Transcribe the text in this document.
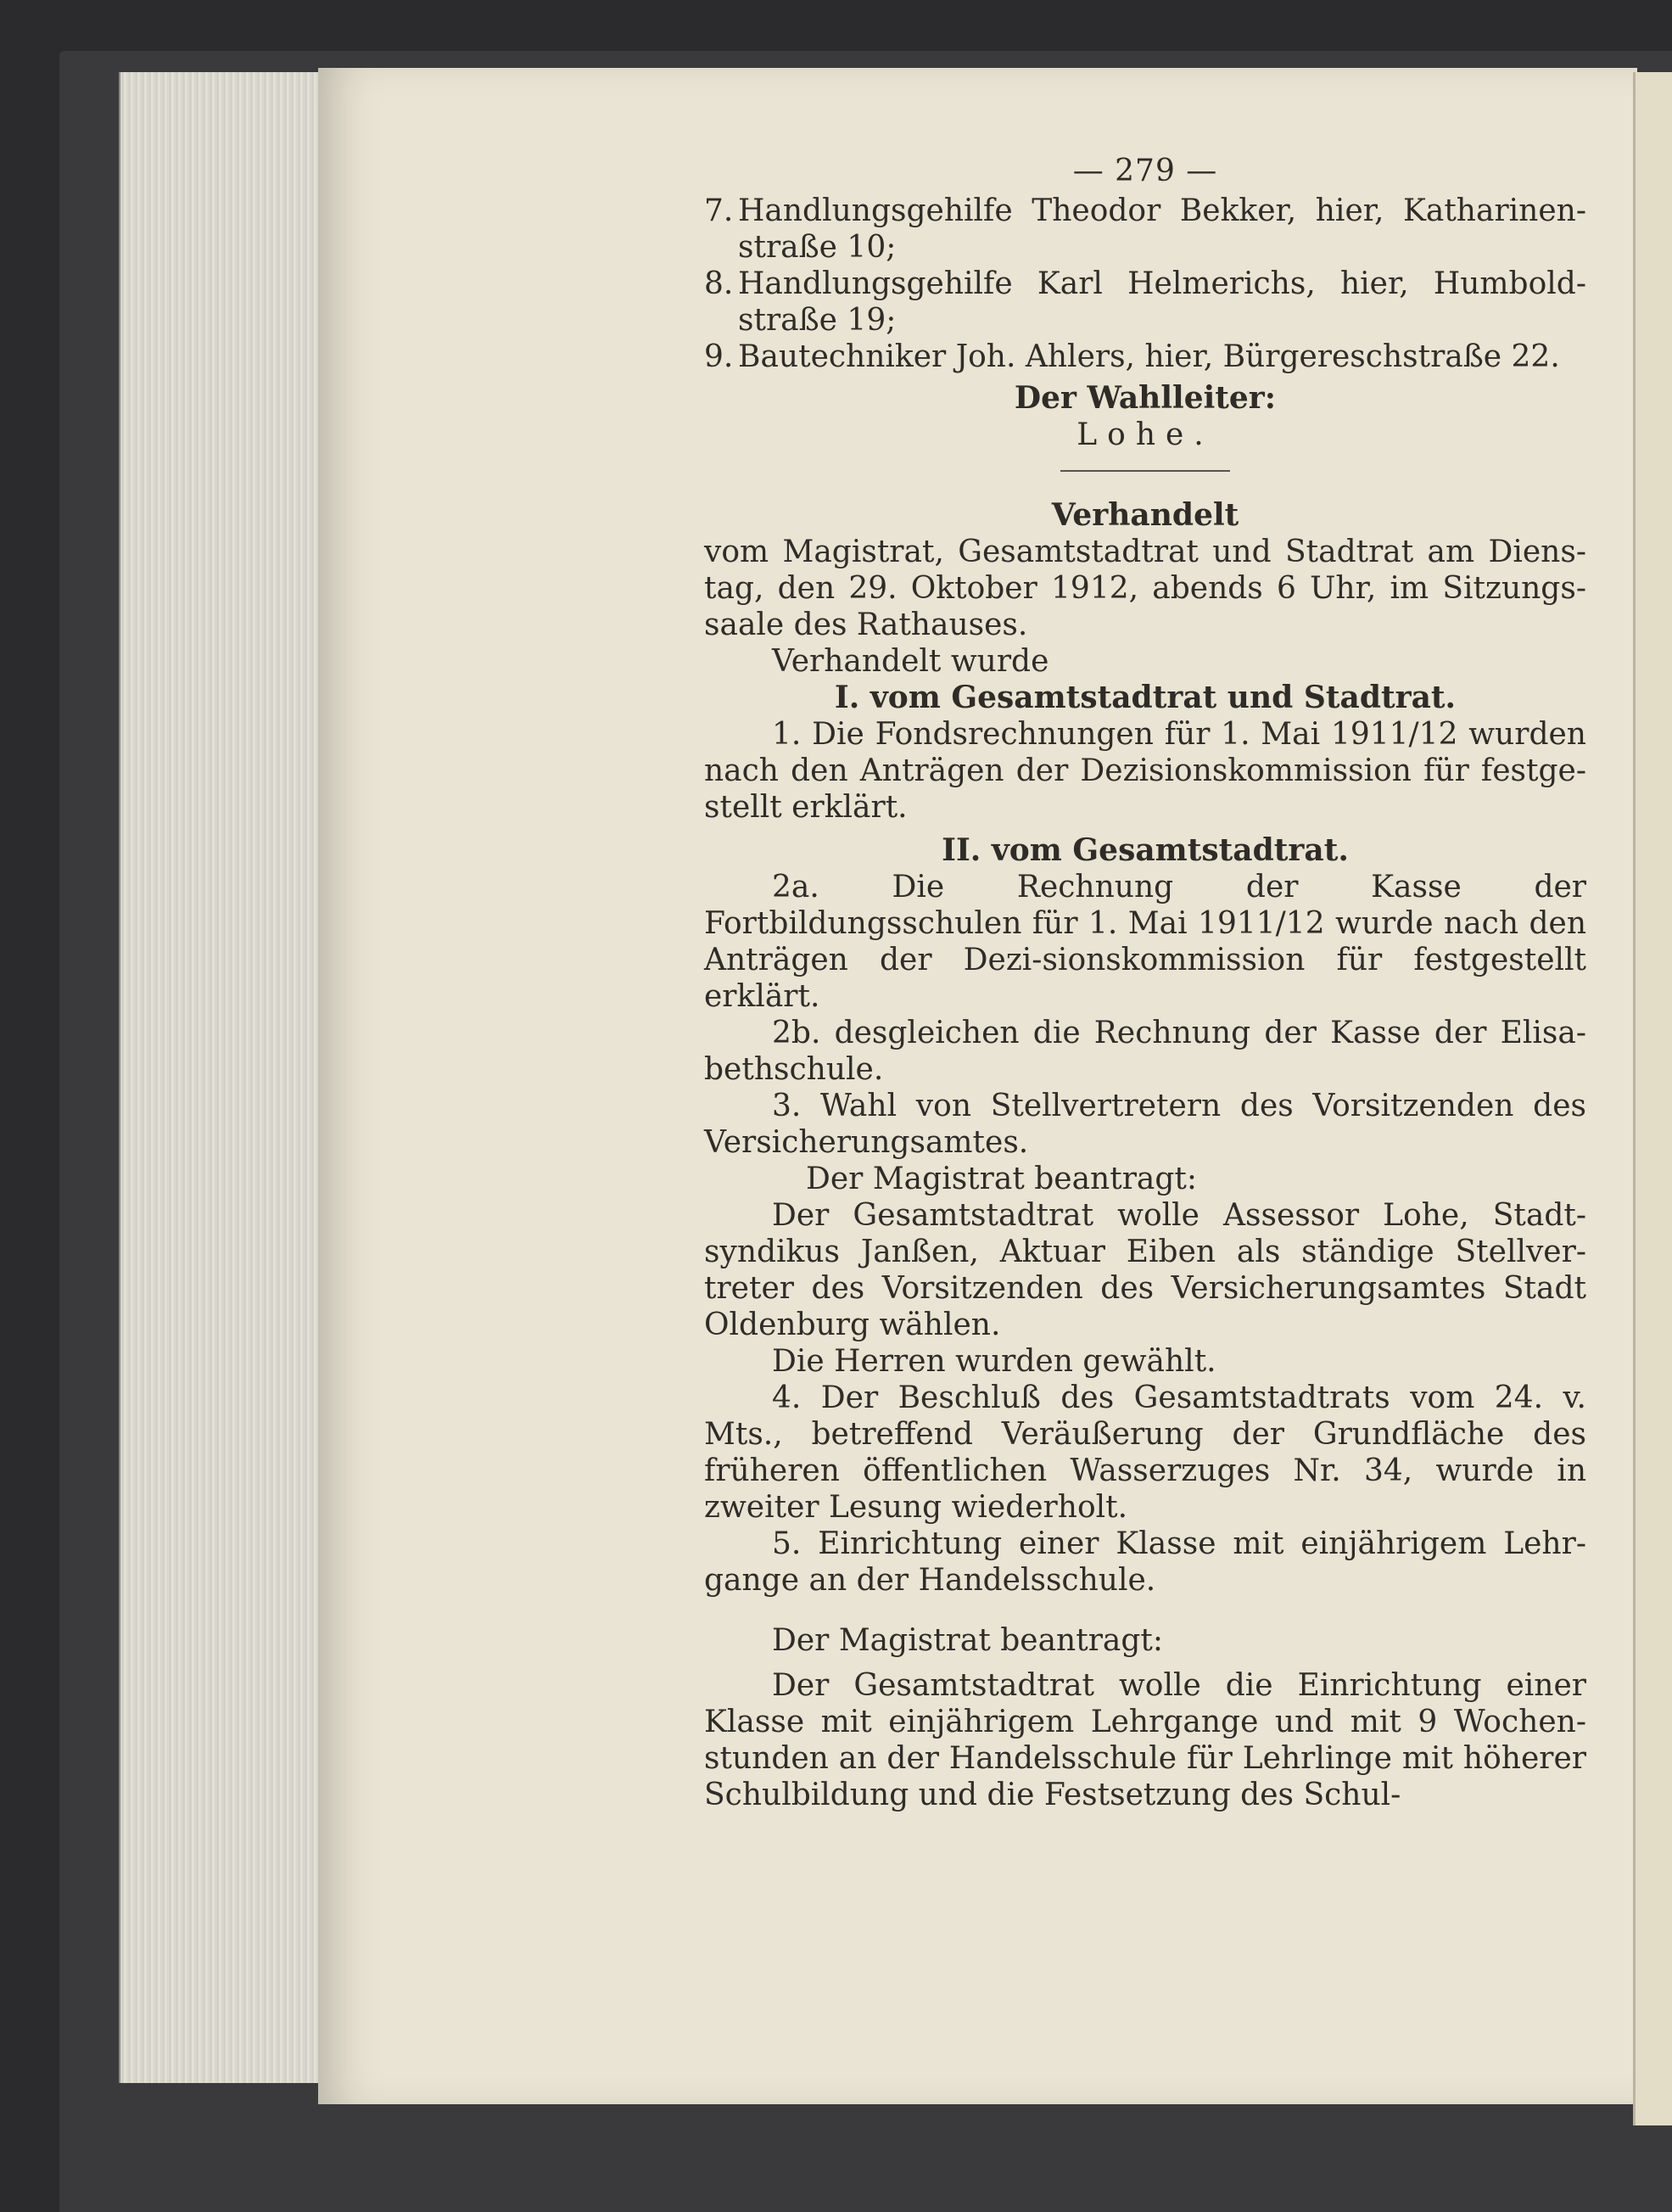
— 279 —
7. Handlungsgehilfe Theodor Bekker, hier, Katharinen-straße 10;
8. Handlungsgehilfe Karl Helmerichs, hier, Humbold-straße 19;
9. Bautechniker Joh. Ahlers, hier, Bürgereschstraße 22.
Der Wahlleiter:
Lohe.
Verhandelt

vom Magistrat, Gesamtstadtrat und Stadtrat am Diens-tag, den 29. Oktober 1912, abends 6 Uhr, im Sitzungs-saale des Rathauses.

Verhandelt wurde

I. vom Gesamtstadtrat und Stadtrat.

1. Die Fondsrechnungen für 1. Mai 1911/12 wurden nach den Anträgen der Dezisionskommission für festge-stellt erklärt.

II. vom Gesamtstadtrat.

2a. Die Rechnung der Kasse der Fortbildungsschulen für 1. Mai 1911/12 wurde nach den Anträgen der Dezi-sionskommission für festgestellt erklärt.

2b. desgleichen die Rechnung der Kasse der Elisa-bethschule.

3. Wahl von Stellvertretern des Vorsitzenden des Versicherungsamtes.

Der Magistrat beantragt:

Der Gesamtstadtrat wolle Assessor Lohe, Stadt-syndikus Janßen, Aktuar Eiben als ständige Stellver-treter des Vorsitzenden des Versicherungsamtes Stadt Oldenburg wählen.

Die Herren wurden gewählt.

4. Der Beschluß des Gesamtstadtrats vom 24. v. Mts., betreffend Veräußerung der Grundfläche des früheren öffentlichen Wasserzuges Nr. 34, wurde in zweiter Lesung wiederholt.

5. Einrichtung einer Klasse mit einjährigem Lehr-gange an der Handelsschule.

Der Magistrat beantragt:

Der Gesamtstadtrat wolle die Einrichtung einer Klasse mit einjährigem Lehrgange und mit 9 Wochen-stunden an der Handelsschule für Lehrlinge mit höherer Schulbildung und die Festsetzung des Schul-
